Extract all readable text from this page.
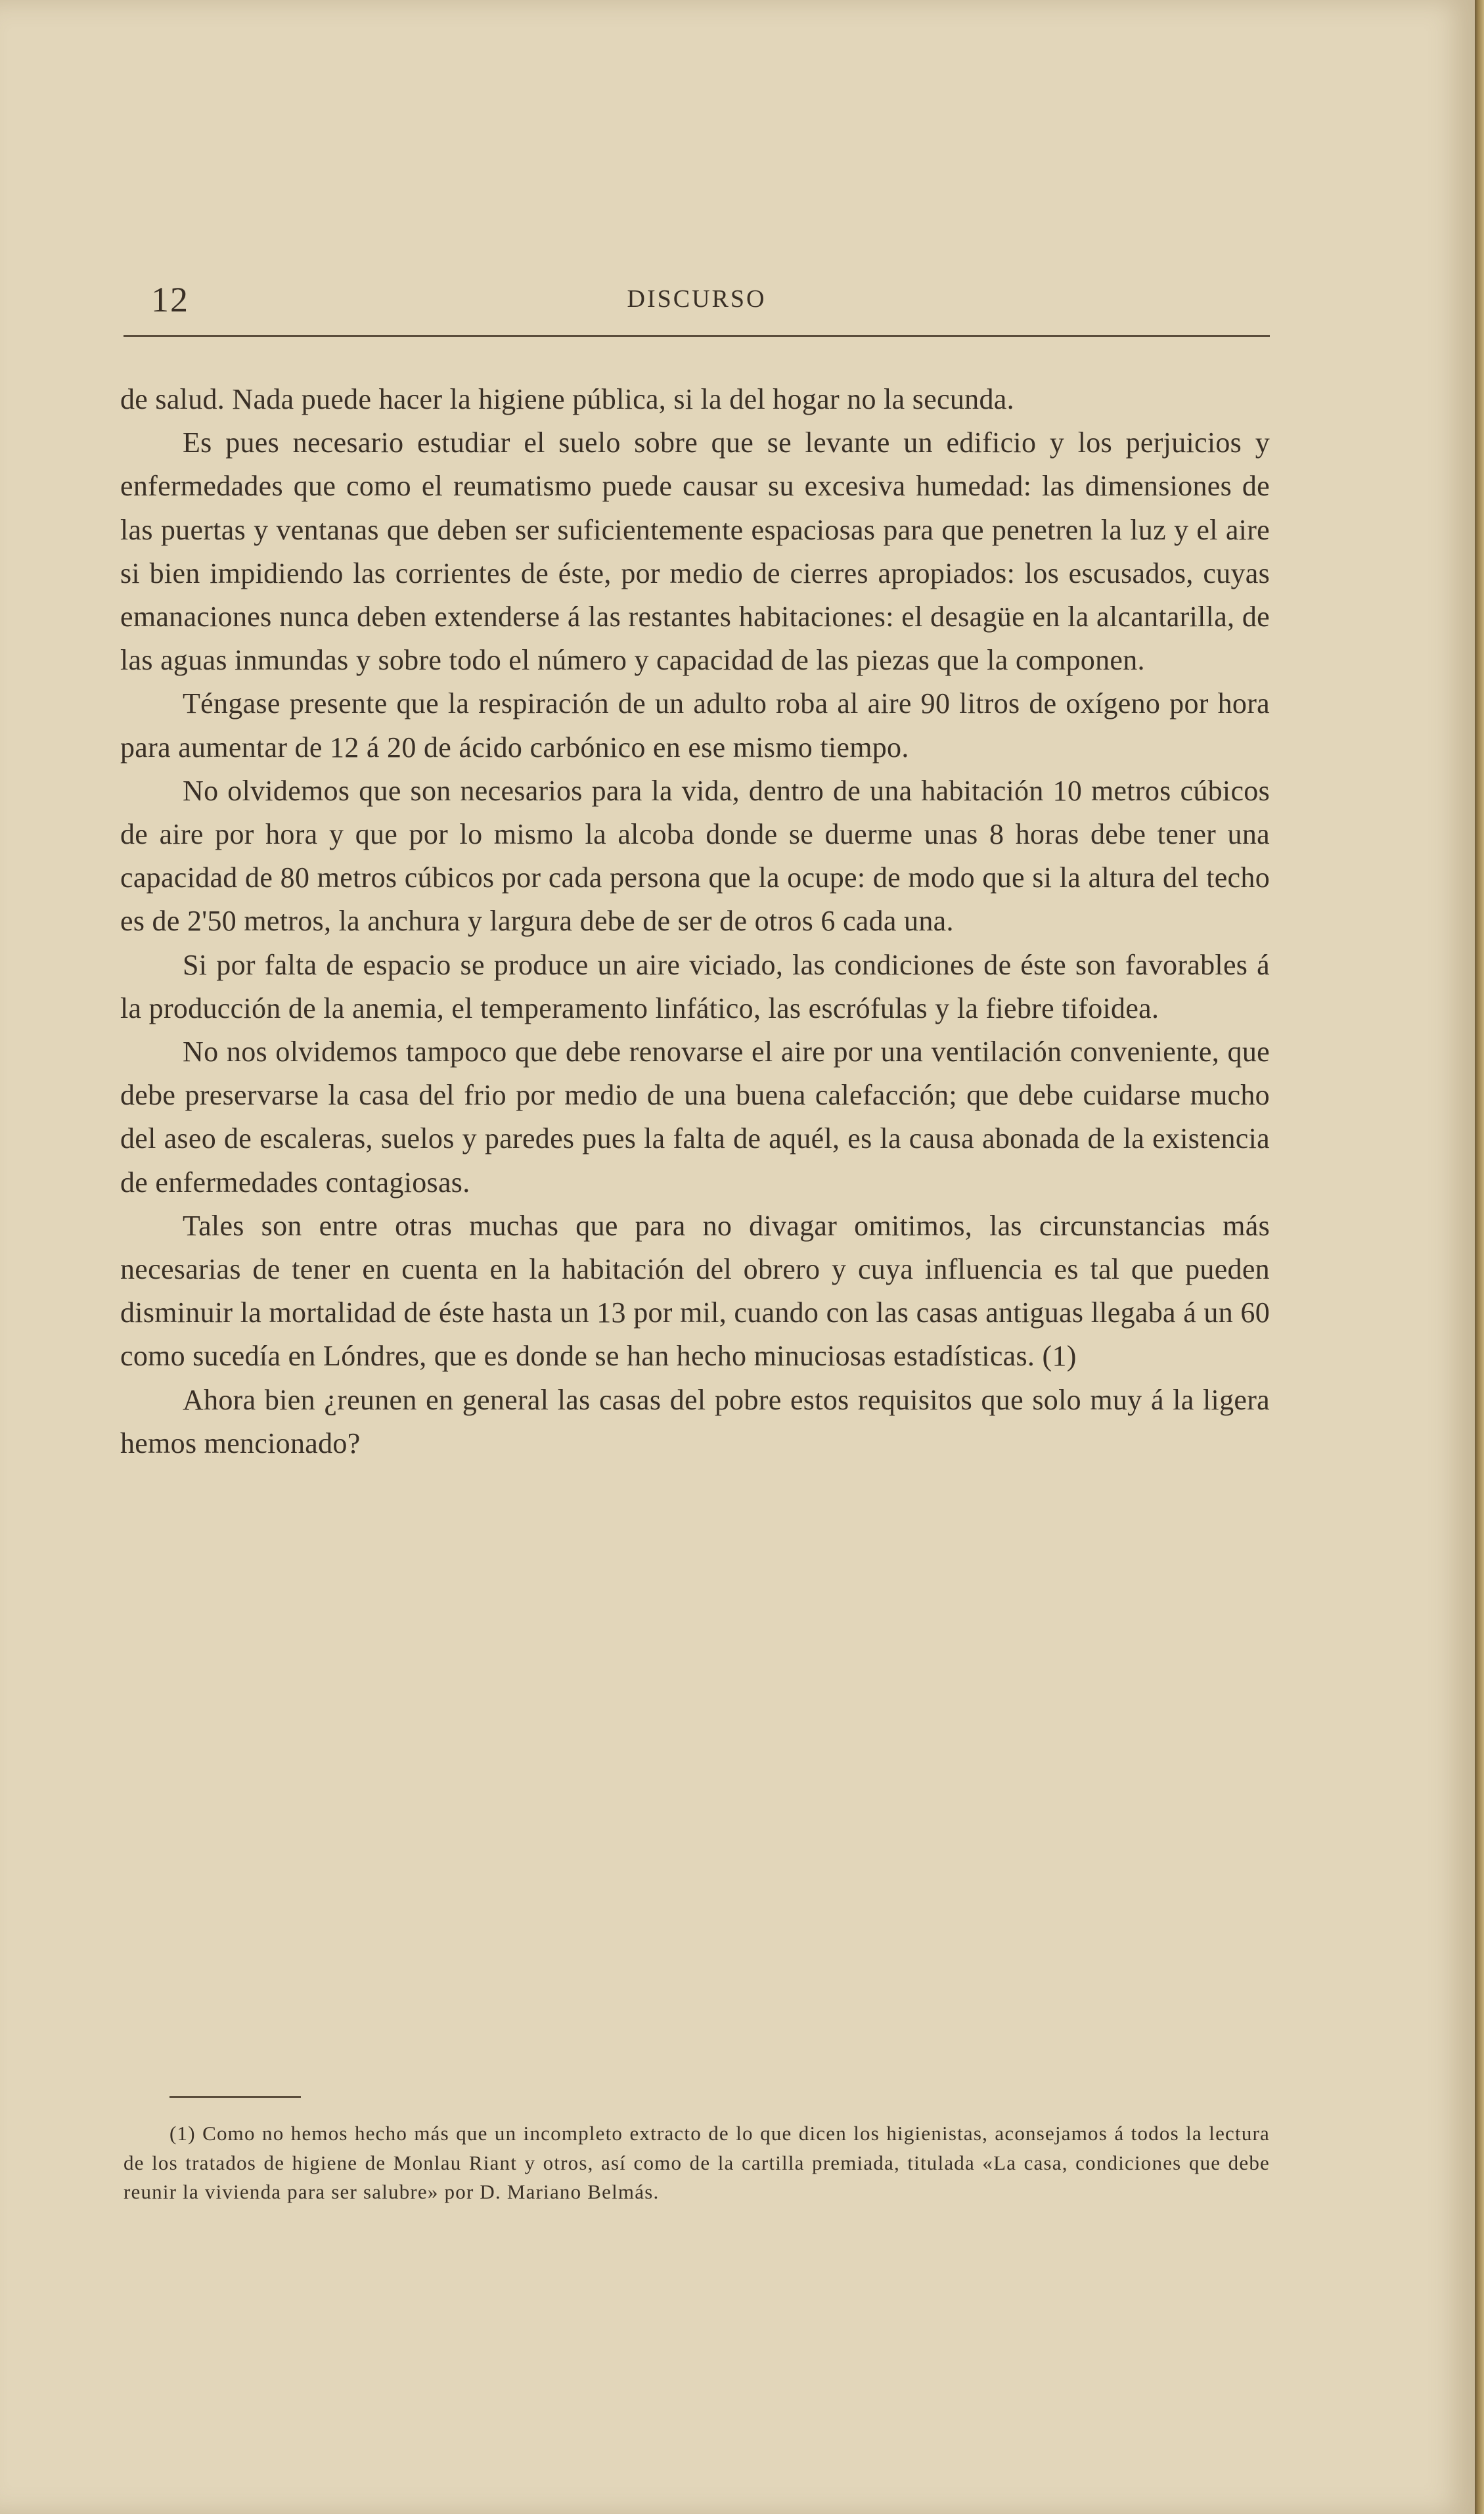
12	DISCURSO

de salud. Nada puede hacer la higiene pública, si la del hogar no la secunda.

Es pues necesario estudiar el suelo sobre que se levante un edificio y los perjuicios y enfermedades que como el reumatismo puede causar su excesiva humedad: las dimensiones de las puertas y ventanas que deben ser suficientemente espaciosas para que penetren la luz y el aire si bien impidiendo las corrientes de éste, por medio de cierres apropiados: los escusados, cuyas emanaciones nunca deben extenderse á las restantes habitaciones: el desagüe en la alcantarilla, de las aguas inmundas y sobre todo el número y capacidad de las piezas que la componen.

Téngase presente que la respiración de un adulto roba al aire 90 litros de oxígeno por hora para aumentar de 12 á 20 de ácido carbónico en ese mismo tiempo.

No olvidemos que son necesarios para la vida, dentro de una habitación 10 metros cúbicos de aire por hora y que por lo mismo la alcoba donde se duerme unas 8 horas debe tener una capacidad de 80 metros cúbicos por cada persona que la ocupe: de modo que si la altura del techo es de 2'50 metros, la anchura y largura debe de ser de otros 6 cada una.

Si por falta de espacio se produce un aire viciado, las condiciones de éste son favorables á la producción de la anemia, el temperamento linfático, las escrófulas y la fiebre tifoidea.

No nos olvidemos tampoco que debe renovarse el aire por una ventilación conveniente, que debe preservarse la casa del frio por medio de una buena calefacción; que debe cuidarse mucho del aseo de escaleras, suelos y paredes pues la falta de aquél, es la causa abonada de la existencia de enfermedades contagiosas.

Tales son entre otras muchas que para no divagar omitimos, las circunstancias más necesarias de tener en cuenta en la habitación del obrero y cuya influencia es tal que pueden disminuir la mortalidad de éste hasta un 13 por mil, cuando con las casas antiguas llegaba á un 60 como sucedía en Lóndres, que es donde se han hecho minuciosas estadísticas. (1)

Ahora bien ¿reunen en general las casas del pobre estos requisitos que solo muy á la ligera hemos mencionado?

(1) Como no hemos hecho más que un incompleto extracto de lo que dicen los higienistas, aconsejamos á todos la lectura de los tratados de higiene de Monlau Riant y otros, así como de la cartilla premiada, titulada «La casa, condiciones que debe reunir la vivienda para ser salubre» por D. Mariano Belmás.
